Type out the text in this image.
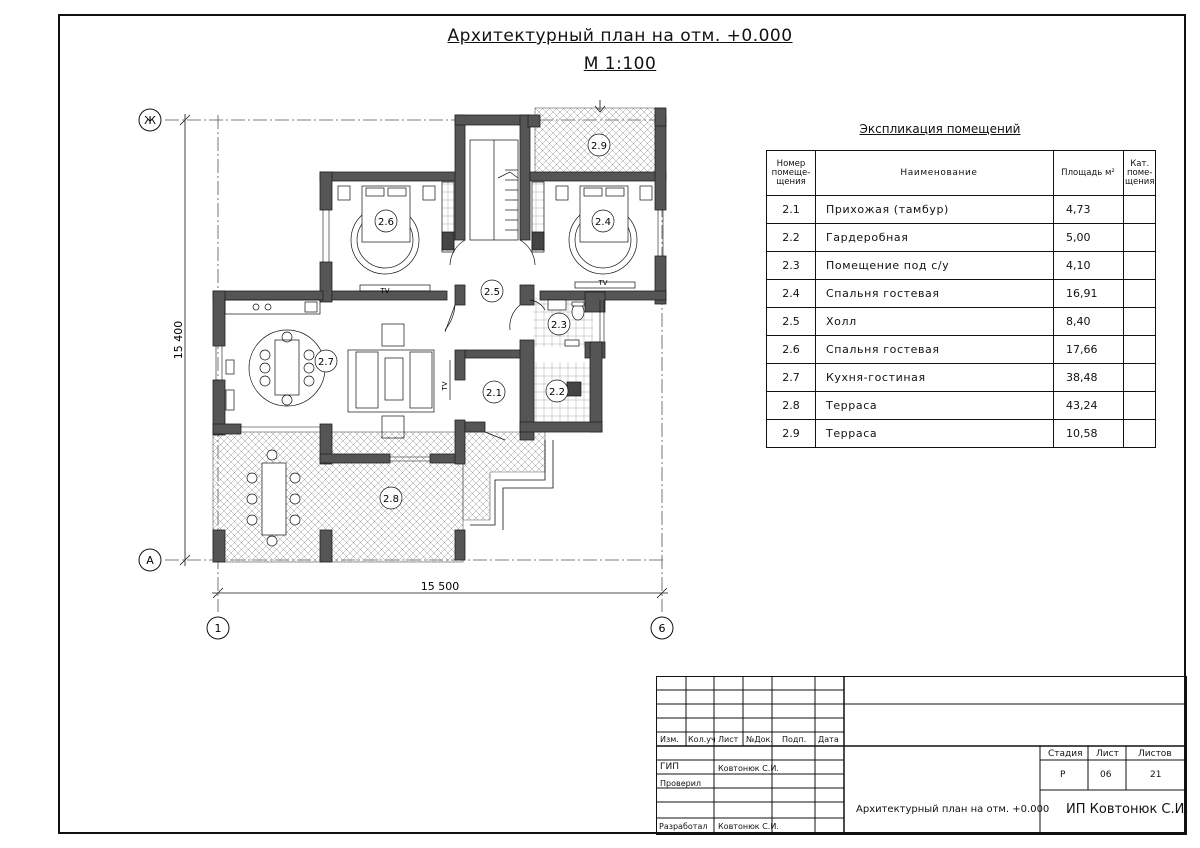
Архитектурный план на отм. +0.000
М 1:100
15 500
15 400
Ж
А
1	6
2.1	2.2
2.3
2.4
2.5
2.6
2.7
2.8
2.9
TV
TV
TV
Экспликация помещений
Номер помеще-щения	Наименование	Площадь м²	Кат. поме-щения
2.1	Прихожая (тамбур)	4,73	
2.2	Гардеробная	5,00	
2.3	Помещение под с/у	4,10	
2.4	Спальня гостевая	16,91	
2.5	Холл	8,40	
2.6	Спальня гостевая	17,66	
2.7	Кухня-гостиная	38,48	
2.8	Терраса	43,24	
2.9	Терраса	10,58	
Изм. Кол.уч Лист №Док. Подп. Дата
ГИП	Ковтонюк С.И.
Проверил
Разработал Ковтонюк С.И.
Стадия Лист Листов
Р	06	21
Архитектурный план на отм. +0.000 ИП Ковтонюк С.И.
